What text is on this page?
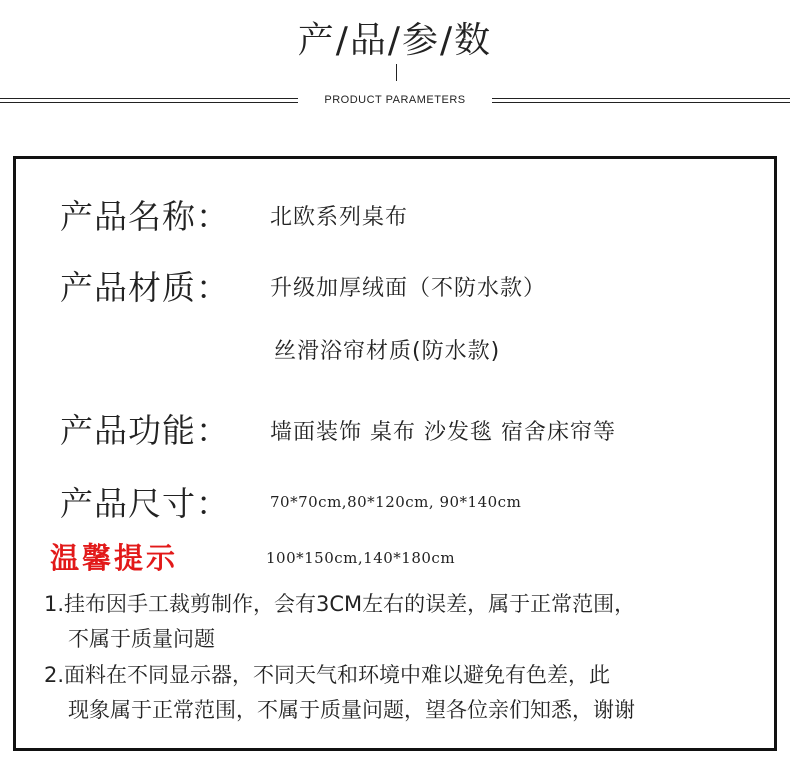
产/品/参/数
PRODUCT PARAMETERS
产品名称： 北欧系列桌布
产品材质： 升级加厚绒面（不防水款）
丝滑浴帘材质(防水款)
产品功能： 墙面装饰 桌布 沙发毯 宿舍床帘等
产品尺寸：	70*70cm,80*120cm, 90*140cm
温馨提示	100*150cm,140*180cm
1.挂布因手工裁剪制作，会有3CM左右的误差，属于正常范围，
不属于质量问题
2.面料在不同显示器，不同天气和环境中难以避免有色差，此
现象属于正常范围，不属于质量问题，望各位亲们知悉，谢谢
